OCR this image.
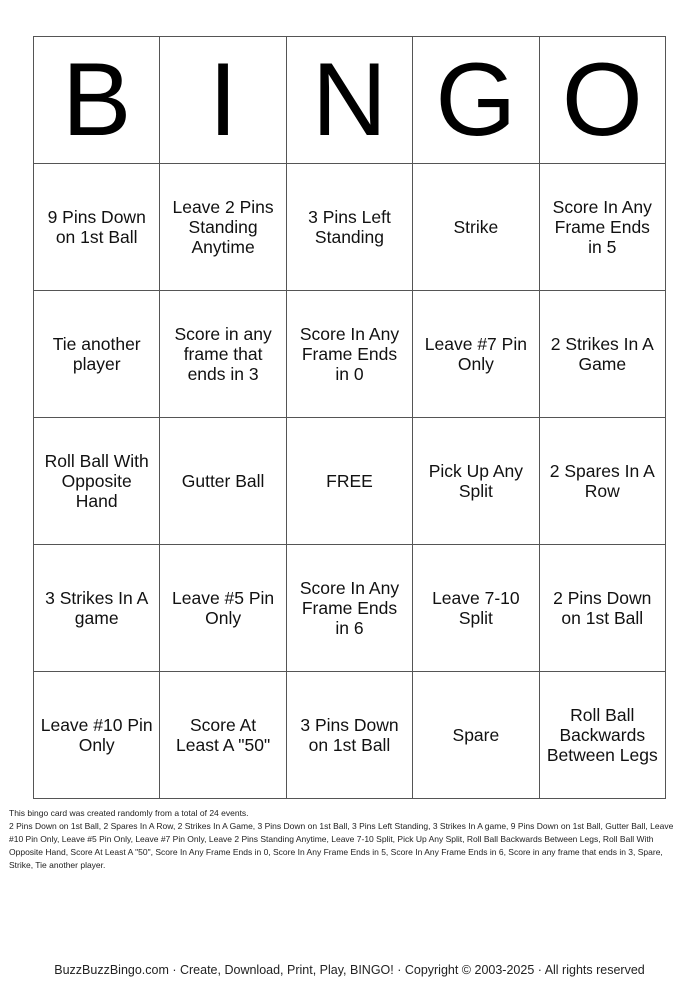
B	I	N	G	O
9 Pins Down on 1st Ball	Leave 2 Pins Standing Anytime	3 Pins Left Standing	Strike	Score In Any Frame Ends in 5
Tie another player	Score in any frame that ends in 3	Score In Any Frame Ends in 0	Leave #7 Pin Only	2 Strikes In A Game
Roll Ball With Opposite Hand	Gutter Ball	FREE	Pick Up Any Split	2 Spares In A Row
3 Strikes In A game	Leave #5 Pin Only	Score In Any Frame Ends in 6	Leave 7-10 Split	2 Pins Down on 1st Ball
Leave #10 Pin Only	Score At Least A "50"	3 Pins Down on 1st Ball	Spare	Roll Ball Backwards Between Legs

This bingo card was created randomly from a total of 24 events.

2 Pins Down on 1st Ball, 2 Spares In A Row, 2 Strikes In A Game, 3 Pins Down on 1st Ball, 3 Pins Left Standing, 3 Strikes In A game, 9 Pins Down on 1st Ball, Gutter Ball, Leave #10 Pin Only, Leave #5 Pin Only, Leave #7 Pin Only, Leave 2 Pins Standing Anytime, Leave 7-10 Split, Pick Up Any Split, Roll Ball Backwards Between Legs, Roll Ball With Opposite Hand, Score At Least A "50", Score In Any Frame Ends in 0, Score In Any Frame Ends in 5, Score In Any Frame Ends in 6, Score in any frame that ends in 3, Spare, Strike, Tie another player.

BuzzBuzzBingo.com · Create, Download, Print, Play, BINGO! · Copyright © 2003-2025 · All rights reserved
